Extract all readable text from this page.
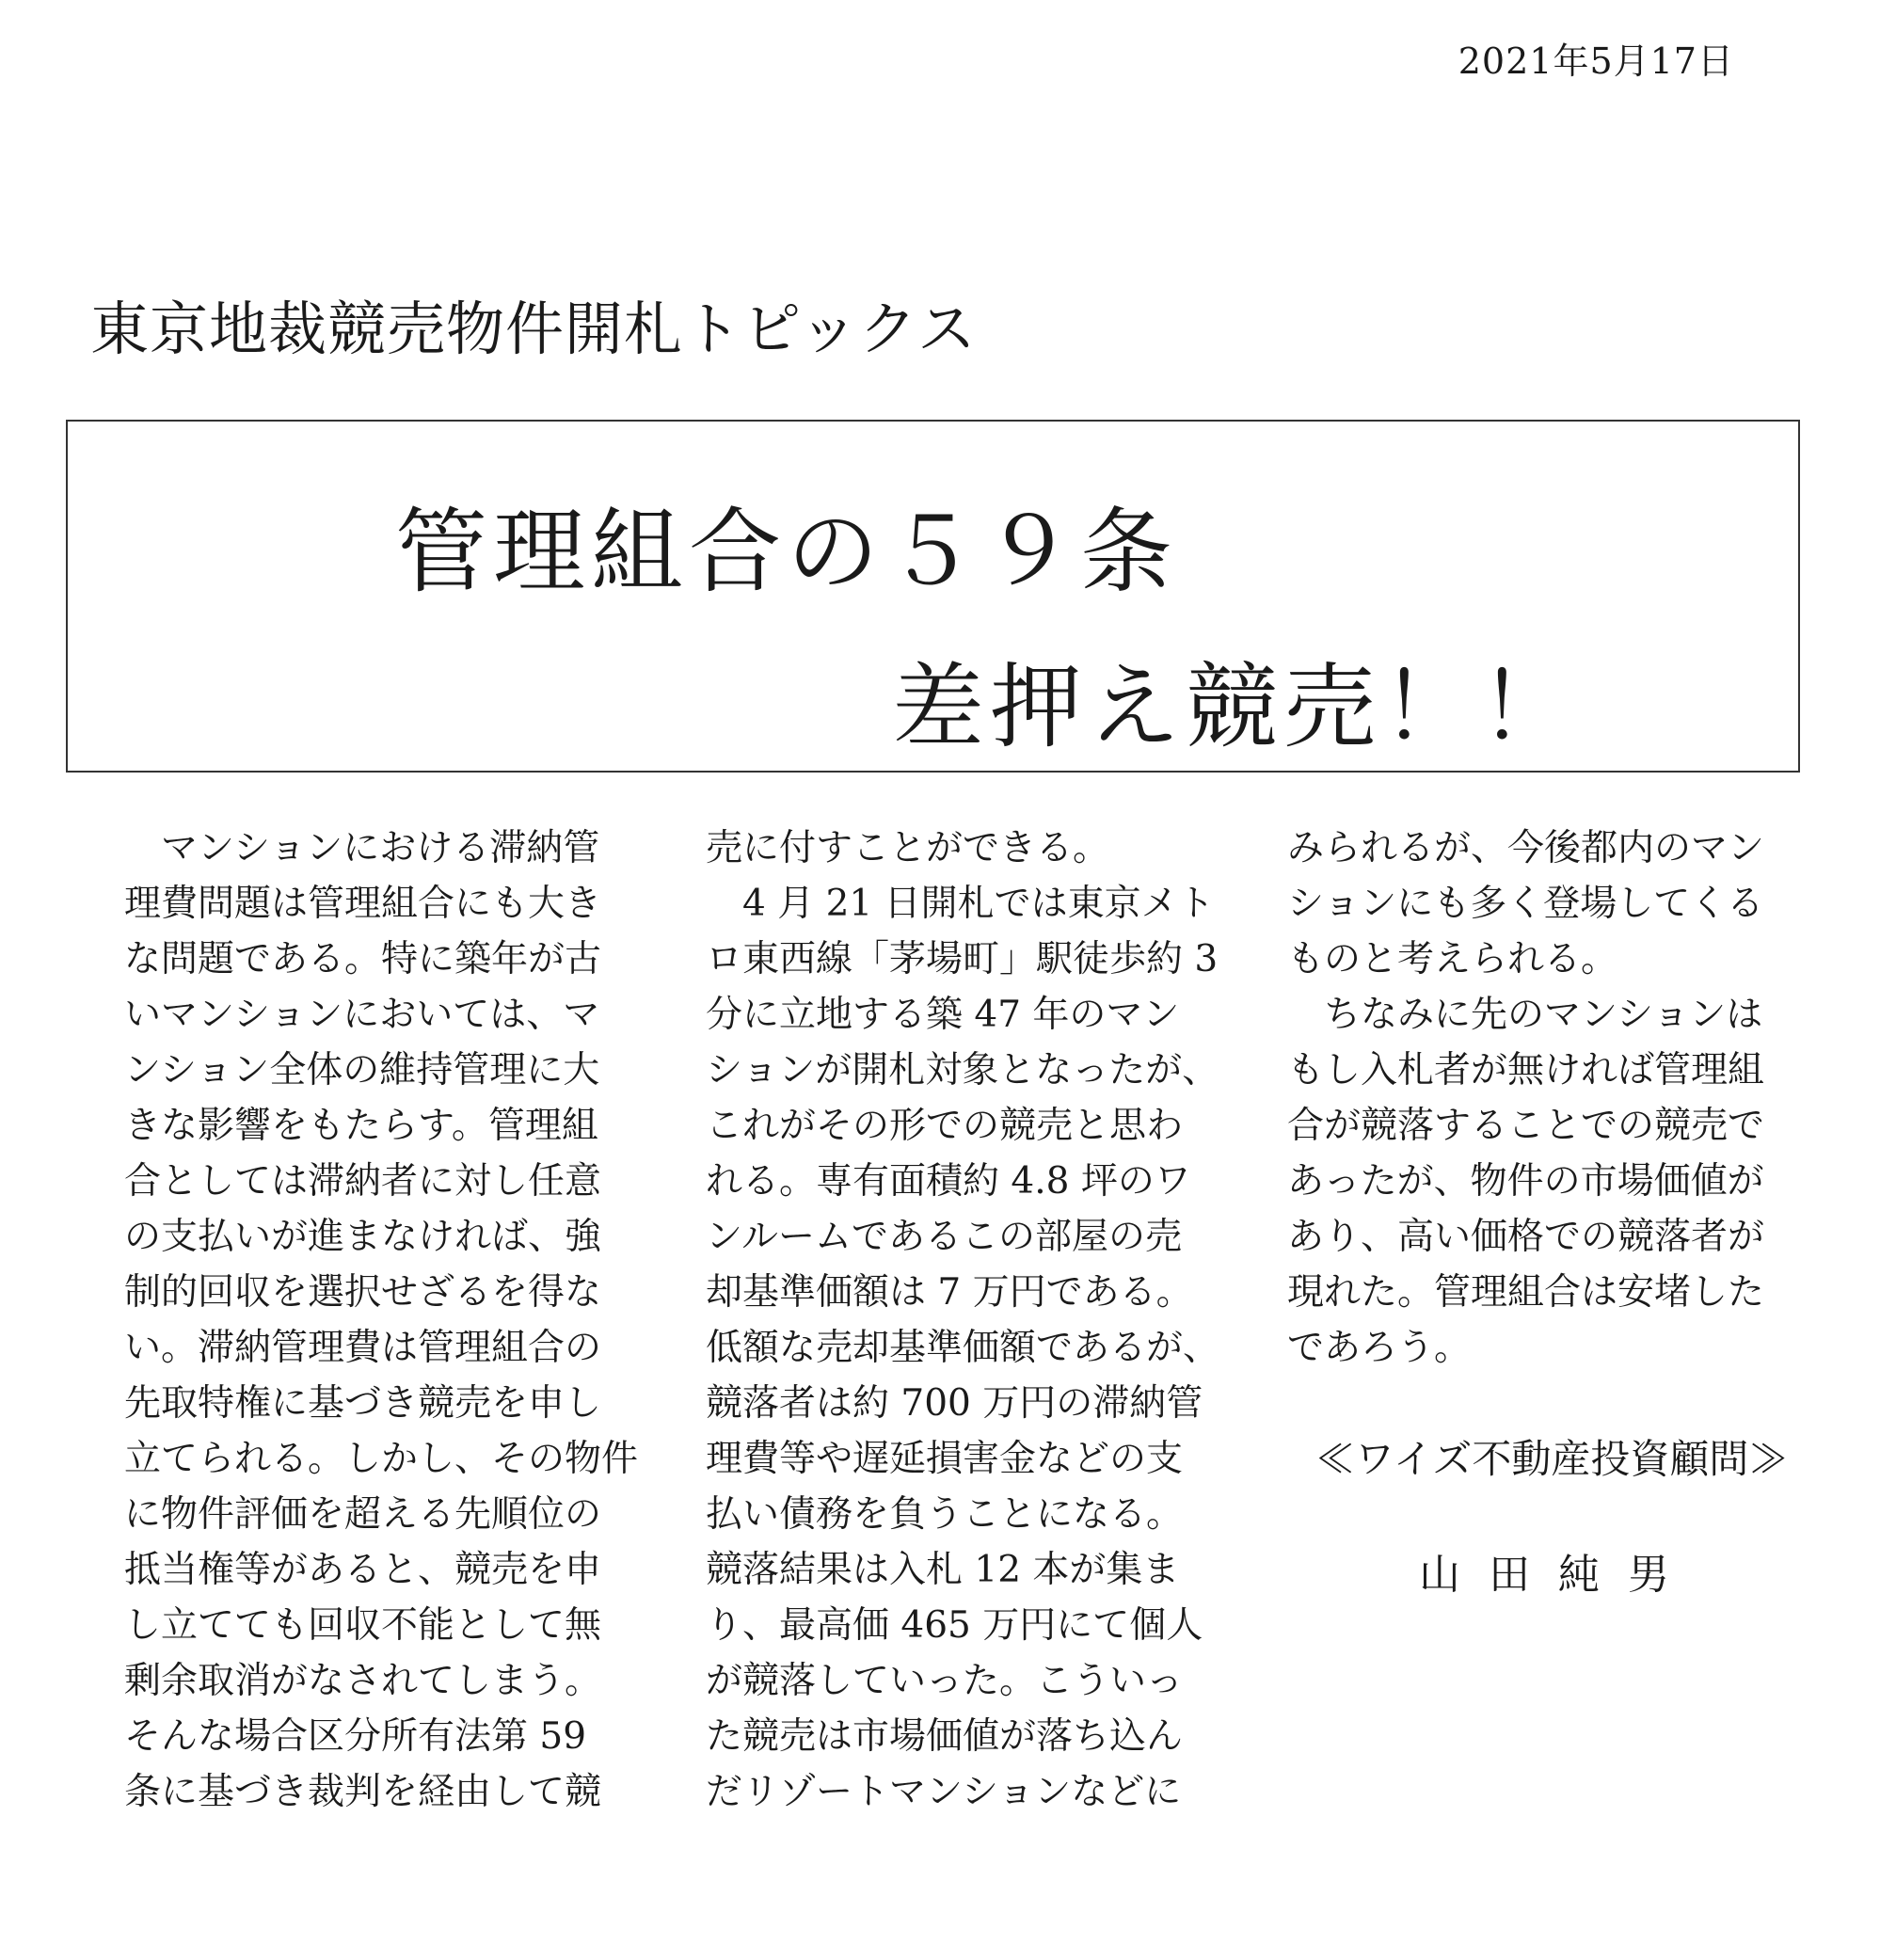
2021年5月17日
東京地裁競売物件開札トピックス
管理組合の５９条
差押え競売！！
　マンションにおける滞納管
理費問題は管理組合にも大き
な問題である。特に築年が古
いマンションにおいては、マ
ンション全体の維持管理に大
きな影響をもたらす。管理組
合としては滞納者に対し任意
の支払いが進まなければ、強
制的回収を選択せざるを得な
い。滞納管理費は管理組合の
先取特権に基づき競売を申し
立てられる。しかし、その物件
に物件評価を超える先順位の
抵当権等があると、競売を申
し立てても回収不能として無
剰余取消がなされてしまう。
そんな場合区分所有法第 59
条に基づき裁判を経由して競
売に付すことができる。
　4 月 21 日開札では東京メト
ロ東西線「茅場町」駅徒歩約 3
分に立地する築 47 年のマン
ションが開札対象となったが、
これがその形での競売と思わ
れる。専有面積約 4.8 坪のワ
ンルームであるこの部屋の売
却基準価額は 7 万円である。
低額な売却基準価額であるが、
競落者は約 700 万円の滞納管
理費等や遅延損害金などの支
払い債務を負うことになる。
競落結果は入札 12 本が集ま
り、最高価 465 万円にて個人
が競落していった。こういっ
た競売は市場価値が落ち込ん
だリゾートマンションなどに
みられるが、今後都内のマン
ションにも多く登場してくる
ものと考えられる。
　ちなみに先のマンションは
もし入札者が無ければ管理組
合が競落することでの競売で
あったが、物件の市場価値が
あり、高い価格での競落者が
現れた。管理組合は安堵した
であろう。
≪ワイズ不動産投資顧問≫
山田純男
